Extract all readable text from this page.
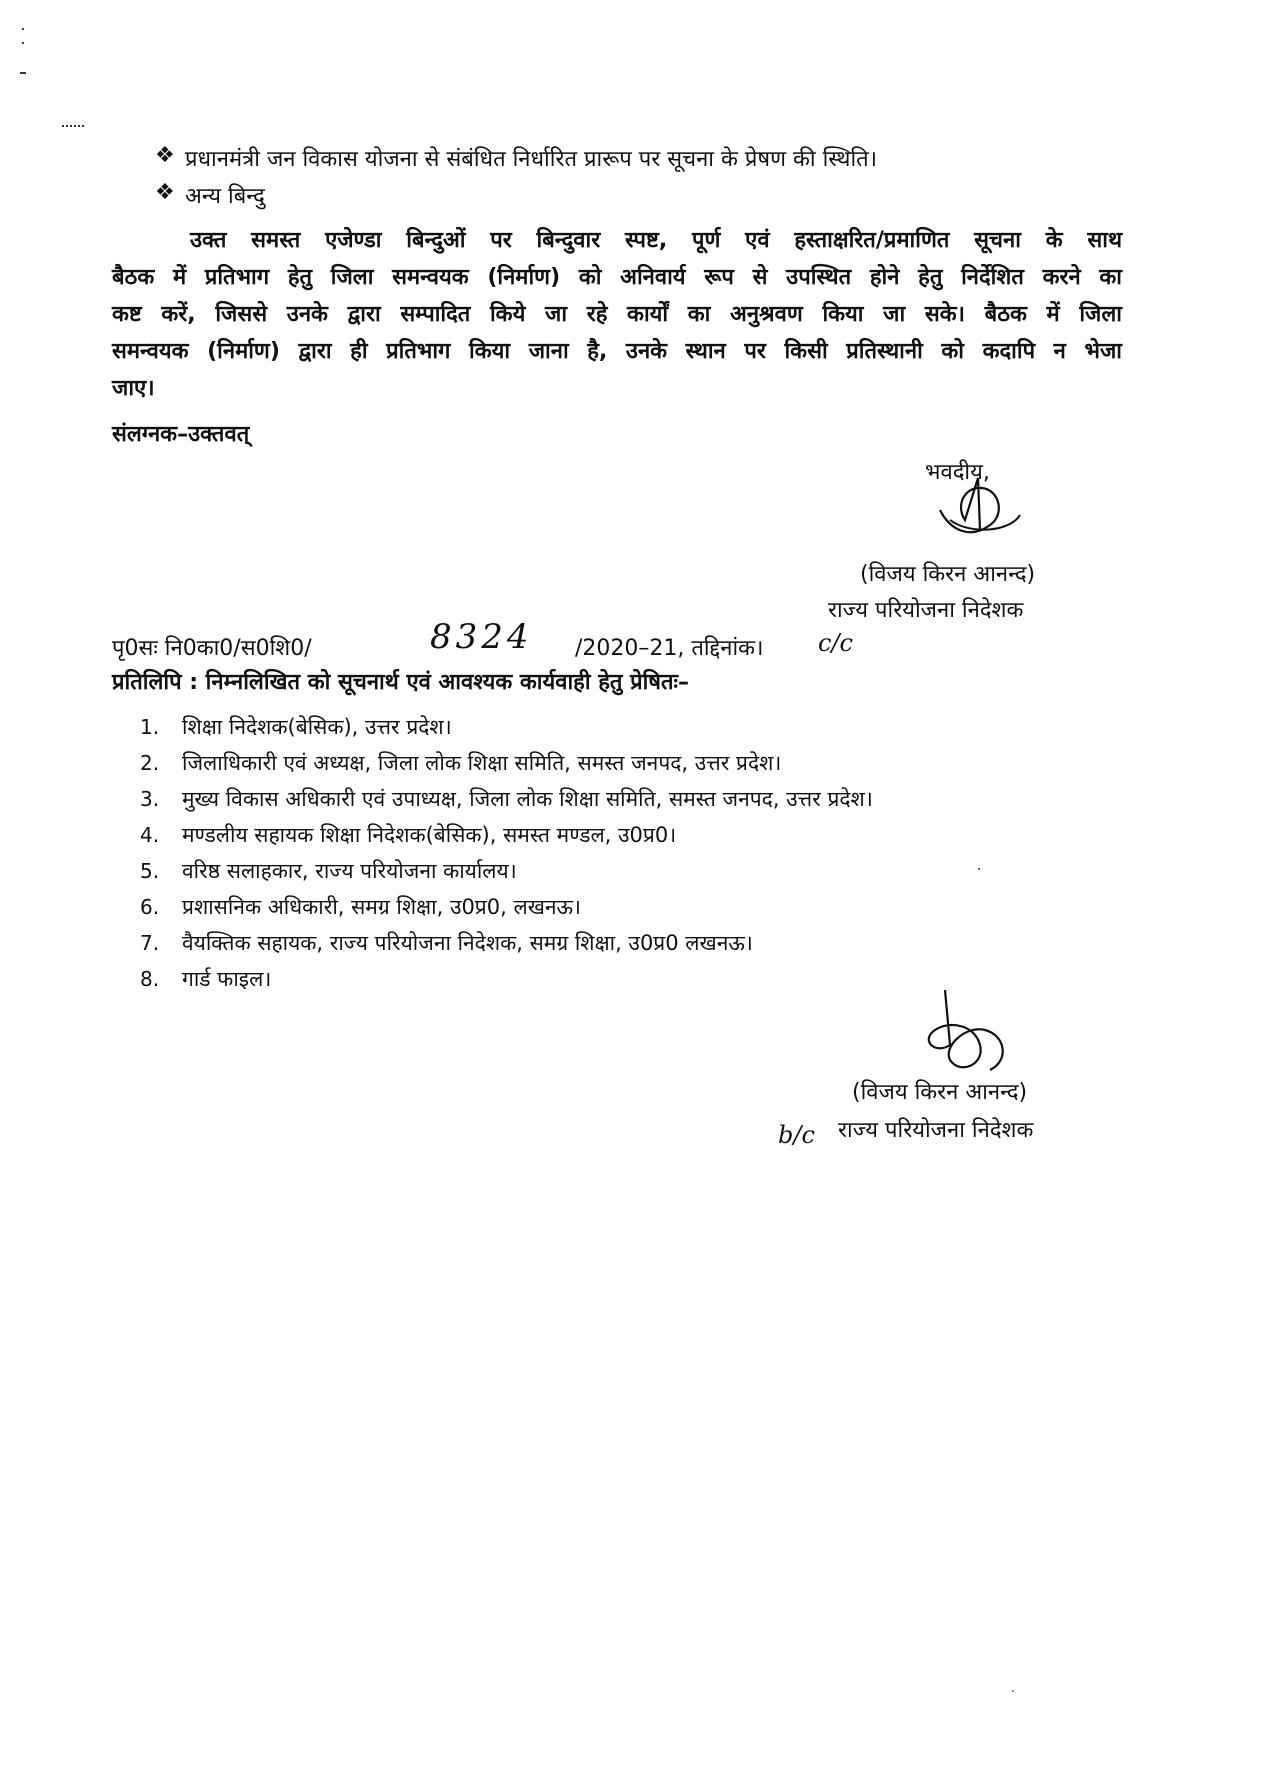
❖ प्रधानमंत्री जन विकास योजना से संबंधित निर्धारित प्रारूप पर सूचना के प्रेषण की स्थिति।
❖ अन्य बिन्दु
उक्त समस्त एजेण्डा बिन्दुओं पर बिन्दुवार स्पष्ट, पूर्ण एवं हस्ताक्षरित/प्रमाणित सूचना के साथ
बैठक में प्रतिभाग हेतु जिला समन्वयक (निर्माण) को अनिवार्य रूप से उपस्थित होने हेतु निर्देशित करने का
कष्ट करें, जिससे उनके द्वारा सम्पादित किये जा रहे कार्यों का अनुश्रवण किया जा सके। बैठक में जिला
समन्वयक (निर्माण) द्वारा ही प्रतिभाग किया जाना है, उनके स्थान पर किसी प्रतिस्थानी को कदापि न भेजा
जाए।
संलग्नक–उक्तवत्
भवदीय,
(विजय किरन आनन्द)
राज्य परियोजना निदेशक
पृ0सः नि0का0/स0शि0/	8324 /2020–21, तद्दिनांक। ⅽ/ⅽ
प्रतिलिपि : निम्नलिखित को सूचनार्थ एवं आवश्यक कार्यवाही हेतु प्रेषितः–
1. शिक्षा निदेशक(बेसिक), उत्तर प्रदेश।
2. जिलाधिकारी एवं अध्यक्ष, जिला लोक शिक्षा समिति, समस्त जनपद, उत्तर प्रदेश।
3. मुख्य विकास अधिकारी एवं उपाध्यक्ष, जिला लोक शिक्षा समिति, समस्त जनपद, उत्तर प्रदेश।
4. मण्डलीय सहायक शिक्षा निदेशक(बेसिक), समस्त मण्डल, उ0प्र0।
5. वरिष्ठ सलाहकार, राज्य परियोजना कार्यालय।
6. प्रशासनिक अधिकारी, समग्र शिक्षा, उ0प्र0, लखनऊ।
7. वैयक्तिक सहायक, राज्य परियोजना निदेशक, समग्र शिक्षा, उ0प्र0 लखनऊ।
8. गार्ड फाइल।
(विजय किरन आनन्द)
b/c राज्य परियोजना निदेशक
